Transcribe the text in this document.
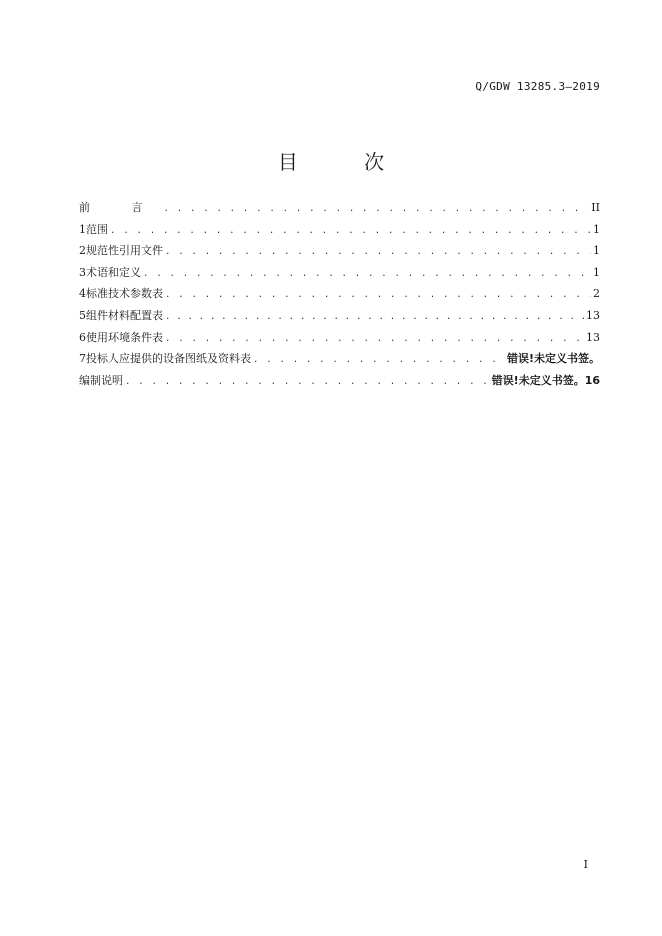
Q/GDW 13285.3—2019
目 次
前 言 . . .	II
1 范围 . . .	1
2 规范性引用文件 . . .	1
3 术语和定义 . . .	1
4 标准技术参数表 . . .	2
5 组件材料配置表 . . .	13
6 使用环境条件表 . . .	13
7 投标人应提供的设备图纸及资料表 . . .	错误!未定义书签。
编制说明 . . .	错误!未定义书签。16
I
